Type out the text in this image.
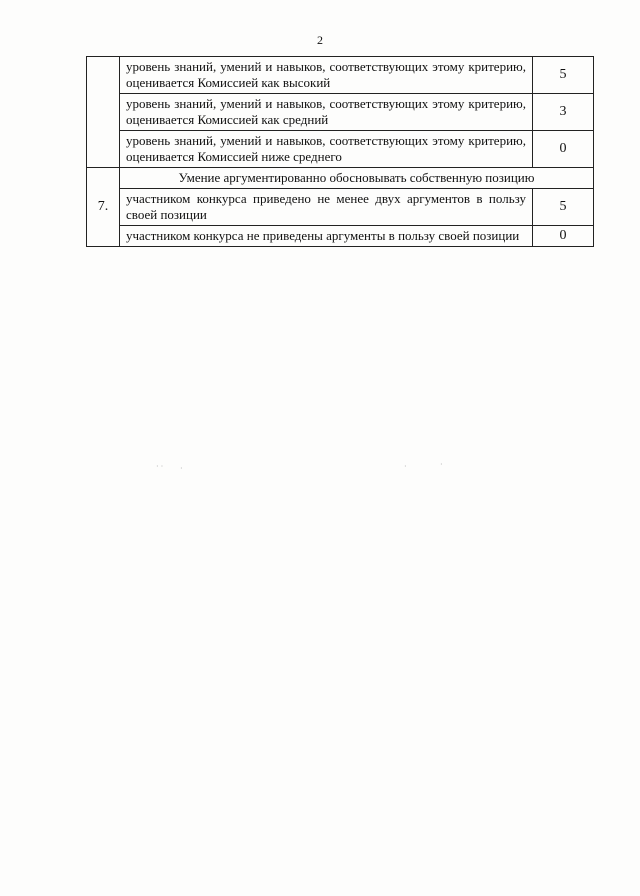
2
	уровень знаний, умений и навыков, соответствующих этому критерию, оценивается Комиссией как высокий	5
	уровень знаний, умений и навыков, соответствующих этому критерию, оценивается Комиссией как средний	3
	уровень знаний, умений и навыков, соответствующих этому критерию, оценивается Комиссией ниже среднего	0
7.	Умение аргументированно обосновывать собственную позицию	
	участником конкурса приведено не менее двух аргументов в пользу своей позиции	5
	участником конкурса не приведены аргументы в пользу своей позиции	0
· · ·	·	·
